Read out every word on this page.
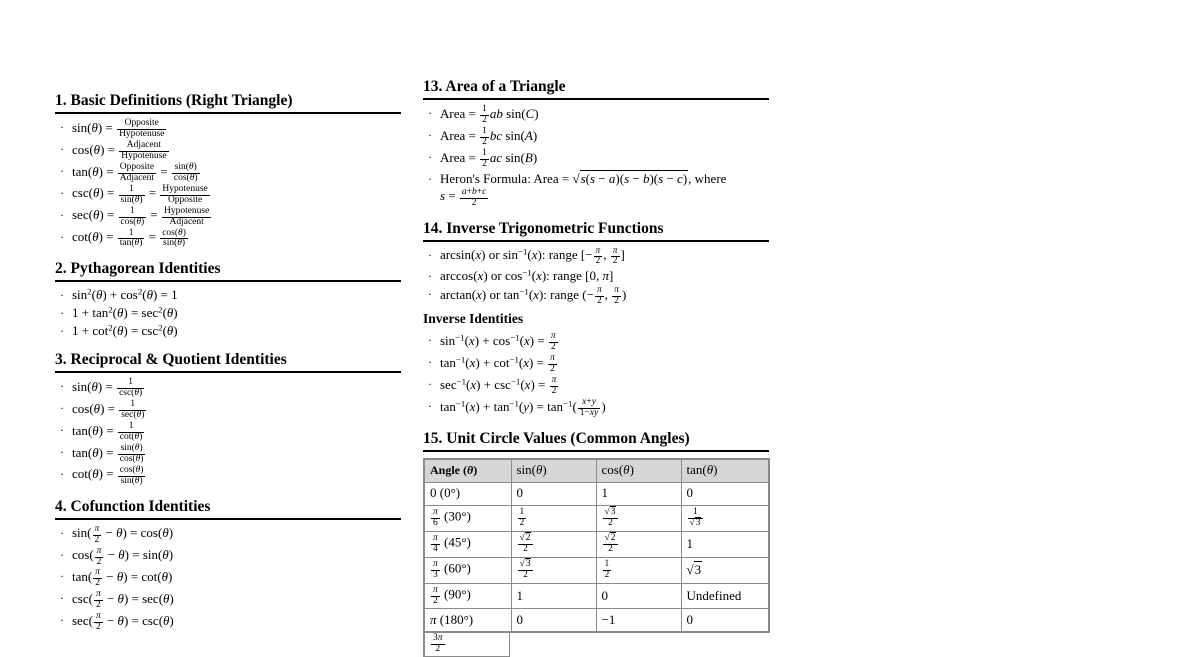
1. Basic Definitions (Right Triangle)
· sin(θ) = Opposite
Hypotenuse
· cos(θ) = Adjacent
Hypotenuse
· tan(θ) = Opposite
Adjacent = $\frac{\sin(\theta)}{\cos(\theta)}$
· $\csc(\theta) = \frac{1}{\sin(\theta)}$ = Hypotenuse
Opposite
· $\sec(\theta) = \frac{1}{\cos(\theta)}$ = Hypotenuse
Adjacent
· $\cot(\theta) = \frac{1}{\tan(\theta)} = \frac{\cos(\theta)}{\sin(\theta)}$
2. Pythagorean Identities
· $\sin^2(\theta) + \cos^2(\theta) = 1$
· $1 + \tan^2(\theta) = \sec^2(\theta)$
· $1 + \cot^2(\theta) = \csc^2(\theta)$
3. Reciprocal & Quotient Identities
· sin(θ) =	1
csc(θ)
· cos(θ) =	1
sec(θ)
· $\tan(\theta) = \frac{1}{\cot(\theta)}$
· $\tan(\theta) = \frac{\sin(\theta)}{\cos(\theta)}$
· $\cot(\theta) = \frac{\cos(\theta)}{\sin(\theta)}$
4. Cofunction Identities
· $\sin( \frac{\pi}{2} - \theta) = \cos(\theta)$
· $\cos( \frac{\pi}{2} - \theta) = \sin(\theta)$
· $\tan( \frac{\pi}{2} - \theta) = \cot(\theta)$
· $\csc( \frac{\pi}{2} - \theta) = \sec(\theta)$
· $\sec( \frac{\pi}{2} - \theta) = \csc(\theta)$
13. Area of a Triangle
· Area = $\frac{1}{2}$ ab sin(C)
· Area = $\frac{1}{2}$ bc sin(A)
· Area = $\frac{1}{2}$ ac sin(B)
· Heron's Formula: Area = √s(s − a)(s − b)(s − c), where
$s = \frac{a+b+c}{2}$
14. Inverse Trigonometric Functions
· arcsin(x) or $\sin^{-1}(x)$: range [− $\frac{\pi}{2}$ , $\frac{\pi}{2}$ ]
· arccos(x) or $\cos^{-1}(x)$: range [0, π]
· arctan(x) or $\tan^{-1}(x)$: range (− $\frac{\pi}{2}$ , $\frac{\pi}{2}$ )
Inverse Identities
· $\sin^{-1}(x) + \cos^{-1}(x) = \frac{\pi}{2}$
· $\tan^{-1}(x) + \cot^{-1}(x) = \frac{\pi}{2}$
· $\sec^{-1}(x) + \csc^{-1}(x) = \frac{\pi}{2}$
· $\tan^{-1}(x) + \tan^{-1}(y) = \tan^{-1}( \frac{x+y}{1-xy}$ )
15. Unit Circle Values (Common Angles)
Angle (θ)	sin(θ)	cos(θ)	tan(θ)
0 (0°)	0	1	0

$\frac{\pi}{6} (30^\circ)$	$\frac{1}{2}$	$\frac{√3}{2}$	$\frac{1}{√3}$

$\frac{\pi}{4} (45^\circ)$	$\frac{√2}{2}$	$\frac{√2}{2}$	1

$\frac{\pi}{3} (60^\circ)$	$\frac{√3}{2}$	$\frac{1}{2}$	√3

$\frac{\pi}{2} (90^\circ)$	1	0	Undefined
π (180°)	0	−1	0
$\frac{3\pi}{2}$
